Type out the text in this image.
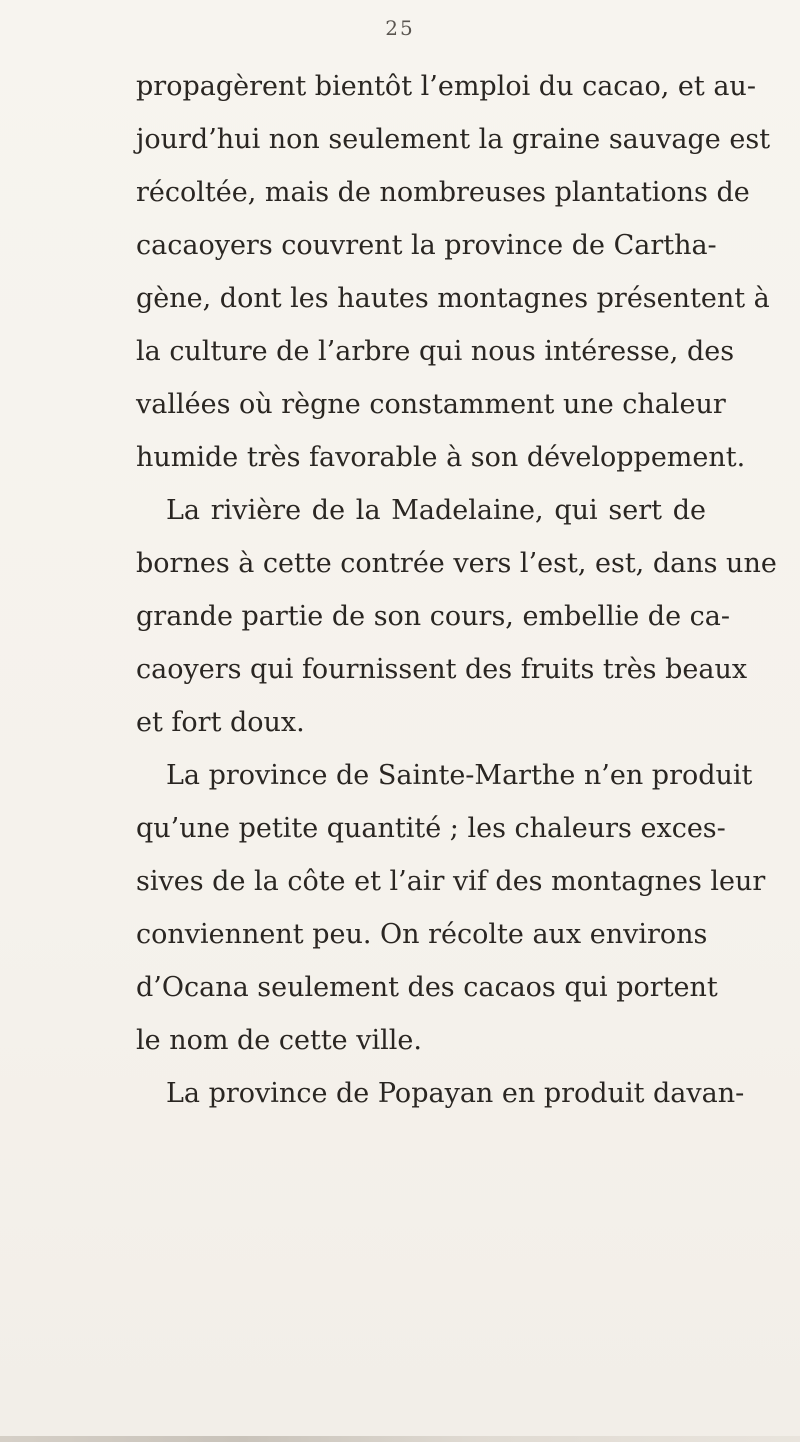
25
propagèrent bientôt l’emploi du cacao, et au-
jourd’hui non seulement la graine sauvage est
récoltée, mais de nombreuses plantations de
cacaoyers couvrent la province de Cartha-
gène, dont les hautes montagnes présentent à
la culture de l’arbre qui nous intéresse, des
vallées où règne constamment une chaleur
humide très favorable à son développement.
La rivière de la Madelaine, qui sert de
bornes à cette contrée vers l’est, est, dans une
grande partie de son cours, embellie de ca-
caoyers qui fournissent des fruits très beaux
et fort doux.
La province de Sainte-Marthe n’en produit
qu’une petite quantité ; les chaleurs exces-
sives de la côte et l’air vif des montagnes leur
conviennent peu. On récolte aux environs
d’Ocana seulement des cacaos qui portent
le nom de cette ville.
La province de Popayan en produit davan-
